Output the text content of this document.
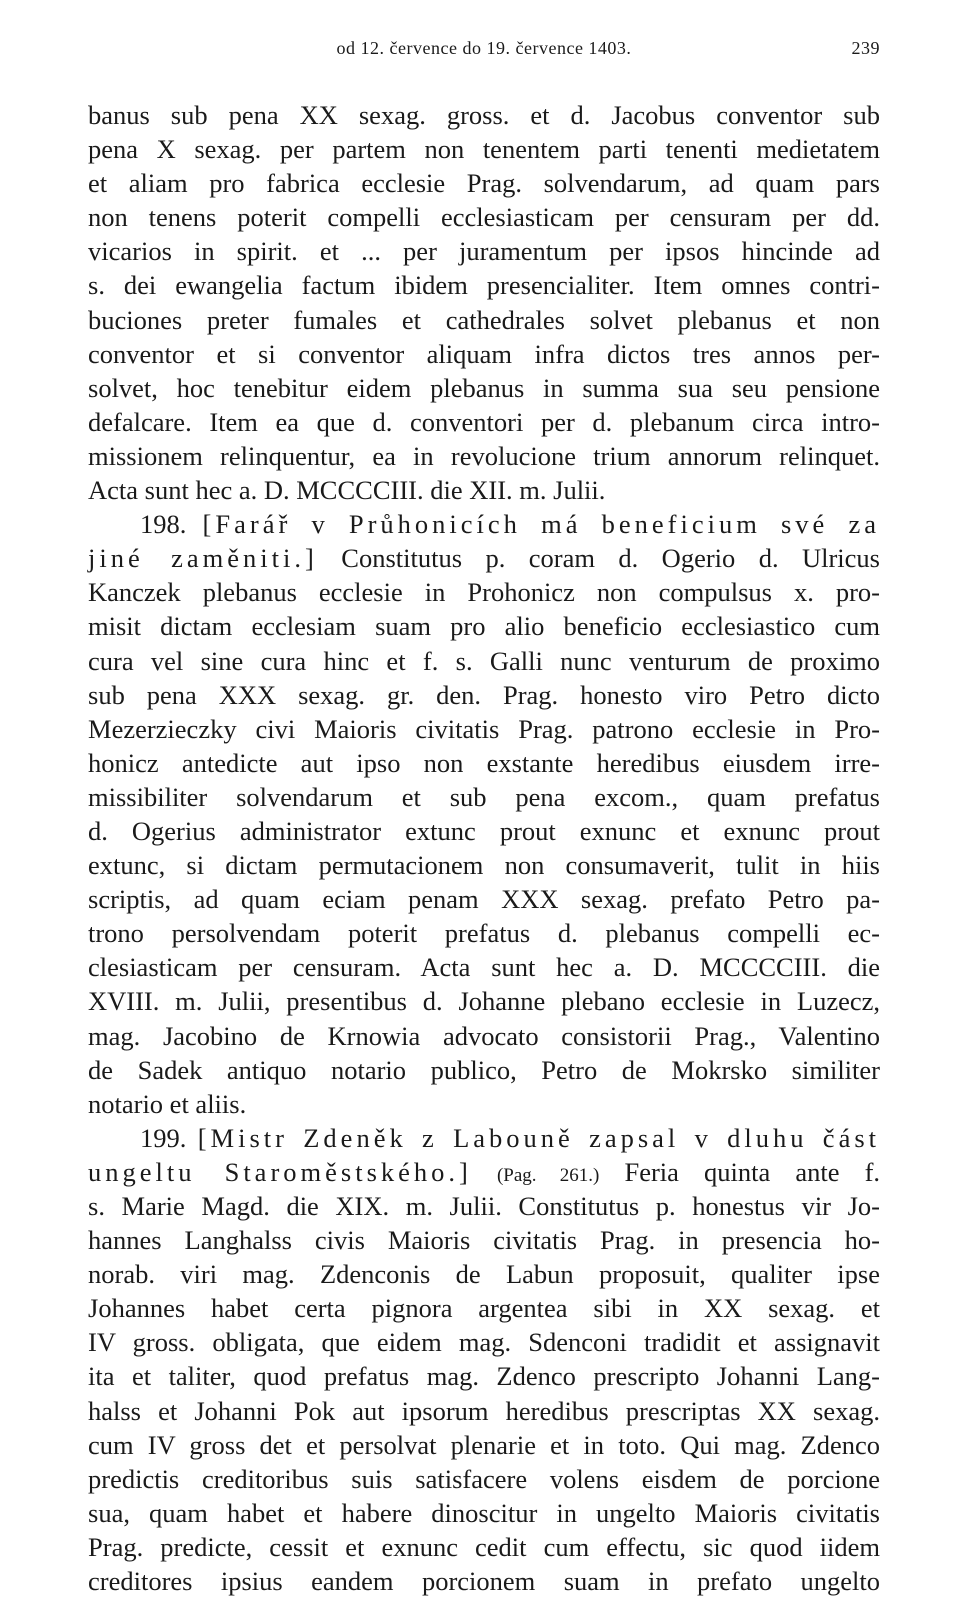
od 12. července do 19. července 1403.	239
banus sub pena XX sexag. gross. et d. Jacobus conventor sub
pena X sexag. per partem non tenentem parti tenenti medietatem
et aliam pro fabrica ecclesie Prag. solvendarum, ad quam pars
non tenens poterit compelli ecclesiasticam per censuram per dd.
vicarios in spirit. et ... per juramentum per ipsos hincinde ad
s. dei ewangelia factum ibidem presencialiter. Item omnes contri-
buciones preter fumales et cathedrales solvet plebanus et non
conventor et si conventor aliquam infra dictos tres annos per-
solvet, hoc tenebitur eidem plebanus in summa sua seu pensione
defalcare. Item ea que d. conventori per d. plebanum circa intro-
missionem relinquentur, ea in revolucione trium annorum relinquet.
Acta sunt hec a. D. MCCCCIII. die XII. m. Julii.
198. [Farář v Průhonicích má beneficium své za
jiné zaměniti.] Constitutus p. coram d. Ogerio d. Ulricus
Kanczek plebanus ecclesie in Prohonicz non compulsus x. pro-
misit dictam ecclesiam suam pro alio beneficio ecclesiastico cum
cura vel sine cura hinc et f. s. Galli nunc venturum de proximo
sub pena XXX sexag. gr. den. Prag. honesto viro Petro dicto
Mezerzieczky civi Maioris civitatis Prag. patrono ecclesie in Pro-
honicz antedicte aut ipso non exstante heredibus eiusdem irre-
missibiliter solvendarum et sub pena excom., quam prefatus
d. Ogerius administrator extunc prout exnunc et exnunc prout
extunc, si dictam permutacionem non consumaverit, tulit in hiis
scriptis, ad quam eciam penam XXX sexag. prefato Petro pa-
trono persolvendam poterit prefatus d. plebanus compelli ec-
clesiasticam per censuram. Acta sunt hec a. D. MCCCCIII. die
XVIII. m. Julii, presentibus d. Johanne plebano ecclesie in Luzecz,
mag. Jacobino de Krnowia advocato consistorii Prag., Valentino
de Sadek antiquo notario publico, Petro de Mokrsko similiter
notario et aliis.
199. [Mistr Zdeněk z Labouně zapsal v dluhu část
ungeltu Staroměstského.] (Pag. 261.) Feria quinta ante f.
s. Marie Magd. die XIX. m. Julii. Constitutus p. honestus vir Jo-
hannes Langhalss civis Maioris civitatis Prag. in presencia ho-
norab. viri mag. Zdenconis de Labun proposuit, qualiter ipse
Johannes habet certa pignora argentea sibi in XX sexag. et
IV gross. obligata, que eidem mag. Sdenconi tradidit et assignavit
ita et taliter, quod prefatus mag. Zdenco prescripto Johanni Lang-
halss et Johanni Pok aut ipsorum heredibus prescriptas XX sexag.
cum IV gross det et persolvat plenarie et in toto. Qui mag. Zdenco
predictis creditoribus suis satisfacere volens eisdem de porcione
sua, quam habet et habere dinoscitur in ungelto Maioris civitatis
Prag. predicte, cessit et exnunc cedit cum effectu, sic quod iidem
creditores ipsius eandem porcionem suam in prefato ungelto
